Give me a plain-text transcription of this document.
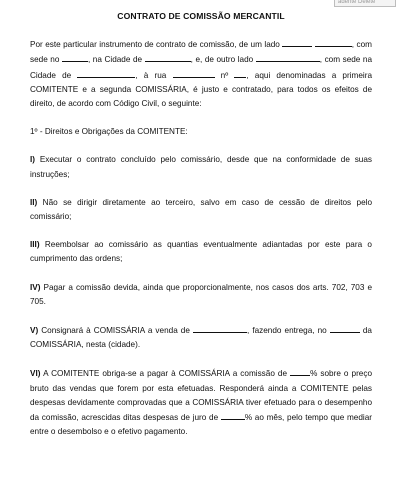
adente Delete
CONTRATO DE COMISSÃO MERCANTIL

Por este particular instrumento de contrato de comissão, de um lado	, com sede no	, na Cidade de	, e, de outro lado	, com sede na Cidade de	, à rua	nº , aqui denominadas a primeira COMITENTE e a segunda COMISSÁRIA, é justo e contratado, para todos os efeitos de direito, de acordo com Código Civil, o seguinte:

1º - Direitos e Obrigações da COMITENTE:

I) Executar o contrato concluído pelo comissário, desde que na conformidade de suas instruções;

II) Não se dirigir diretamente ao terceiro, salvo em caso de cessão de direitos pelo comissário;

III) Reembolsar ao comissário as quantias eventualmente adiantadas por este para o cumprimento das ordens;

IV) Pagar a comissão devida, ainda que proporcionalmente, nos casos dos arts. 702, 703 e 705.

V) Consignará à COMISSÁRIA a venda de	, fazendo entrega, no	da COMISSÁRIA, nesta (cidade).

VI) A COMITENTE obriga-se a pagar à COMISSÁRIA a comissão de	% sobre o preço bruto das vendas que forem por esta efetuadas. Responderá ainda a COMITENTE pelas despesas devidamente comprovadas que a COMISSÁRIA tiver efetuado para o desempenho da comissão, acrescidas ditas despesas de juro de	% ao mês, pelo tempo que mediar entre o desembolso e o efetivo pagamento.
